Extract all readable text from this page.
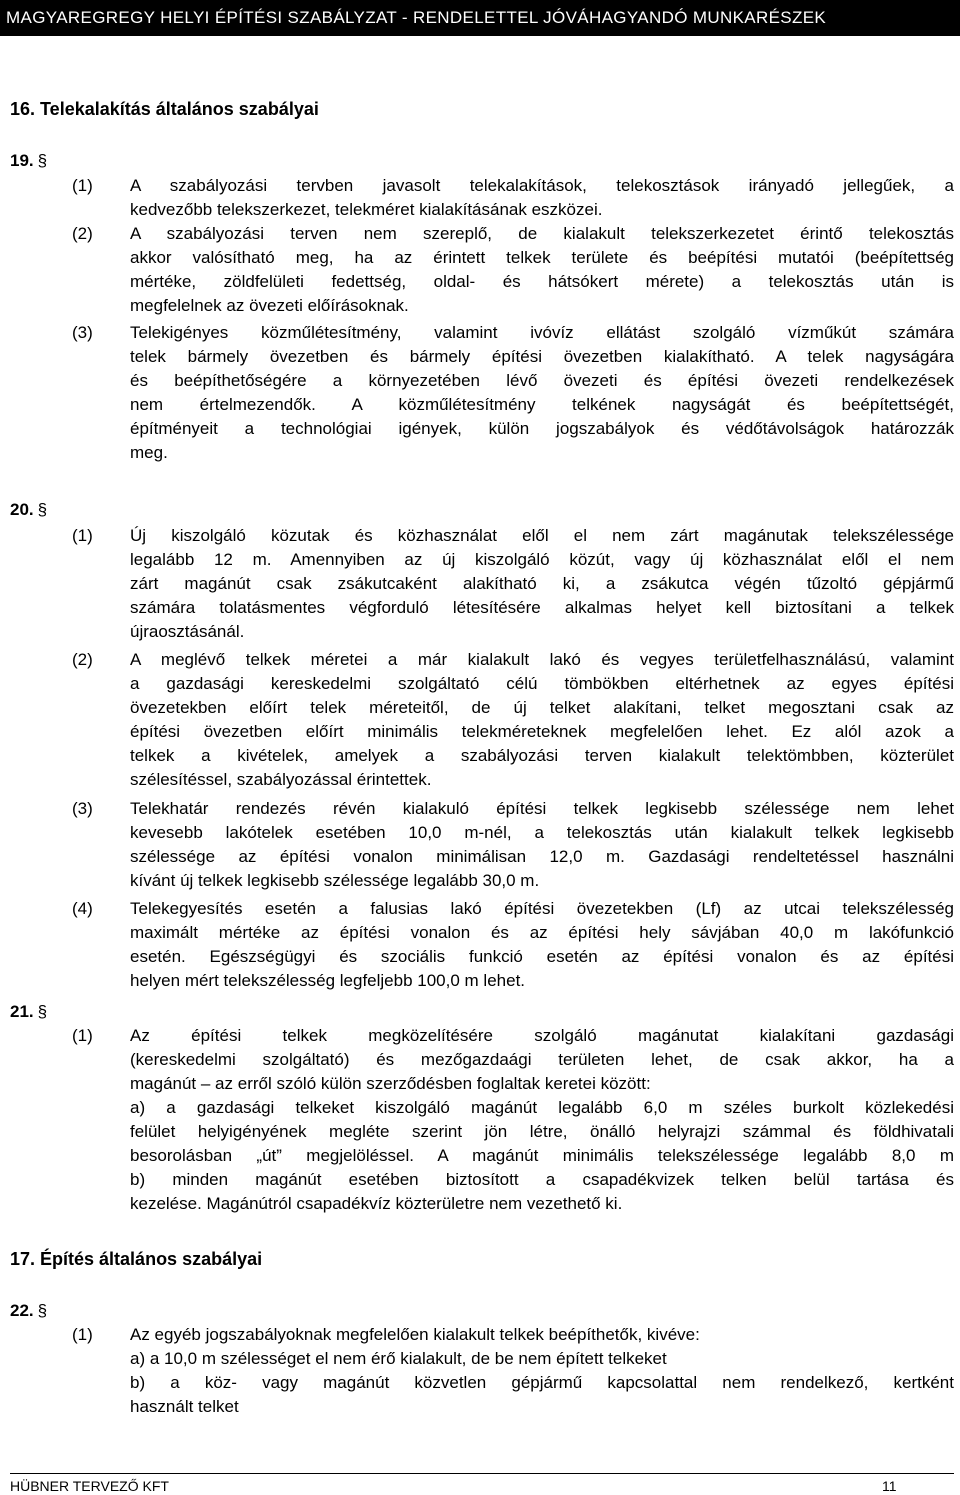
MAGYAREGREGY HELYI ÉPÍTÉSI SZABÁLYZAT - RENDELETTEL JÓVÁHAGYANDÓ MUNKARÉSZEK
16. Telekalakítás általános szabályai
19. §
(1) A szabályozási tervben javasolt telekalakítások, telekosztások irányadó jellegűek, a
kedvezőbb telekszerkezet, telekméret kialakításának eszközei.
(2) A szabályozási terven nem szereplő, de kialakult telekszerkezetet érintő telekosztás
akkor valósítható meg, ha az érintett telkek területe és beépítési mutatói (beépítettség
mértéke, zöldfelületi fedettség, oldal- és hátsókert mérete) a telekosztás után is
megfelelnek az övezeti előírásoknak.
(3) Telekigényes közműlétesítmény, valamint ivóvíz ellátást szolgáló vízműkút számára
telek bármely övezetben és bármely építési övezetben kialakítható. A telek nagyságára
és beépíthetőségére a környezetében lévő övezeti és építési övezeti rendelkezések
nem értelmezendők. A közműlétesítmény telkének nagyságát és beépítettségét,
építményeit a technológiai igények, külön jogszabályok és védőtávolságok határozzák
meg.
20. §
(1) Új kiszolgáló közutak és közhasználat elől el nem zárt magánutak telekszélessége
legalább 12 m. Amennyiben az új kiszolgáló közút, vagy új közhasználat elől el nem
zárt magánút csak zsákutcaként alakítható ki, a zsákutca végén tűzoltó gépjármű
számára tolatásmentes végforduló létesítésére alkalmas helyet kell biztosítani a telkek
újraosztásánál.
(2) A meglévő telkek méretei a már kialakult lakó és vegyes területfelhasználású, valamint
a gazdasági kereskedelmi szolgáltató célú tömbökben eltérhetnek az egyes építési
övezetekben előírt telek méreteitől, de új telket alakítani, telket megosztani csak az
építési övezetben előírt minimális telekméreteknek megfelelően lehet. Ez alól azok a
telkek a kivételek, amelyek a szabályozási terven kialakult telektömbben, közterület
szélesítéssel, szabályozással érintettek.
(3) Telekhatár rendezés révén kialakuló építési telkek legkisebb szélessége nem lehet
kevesebb lakótelek esetében 10,0 m-nél, a telekosztás után kialakult telkek legkisebb
szélessége az építési vonalon minimálisan 12,0 m. Gazdasági rendeltetéssel használni
kívánt új telkek legkisebb szélessége legalább 30,0 m.
(4) Telekegyesítés esetén a falusias lakó építési övezetekben (Lf) az utcai telekszélesség
maximált mértéke az építési vonalon és az építési hely sávjában 40,0 m lakófunkció
esetén. Egészségügyi és szociális funkció esetén az építési vonalon és az építési
helyen mért telekszélesség legfeljebb 100,0 m lehet.
21. §
(1) Az építési telkek megközelítésére szolgáló magánutat kialakítani gazdasági
(kereskedelmi szolgáltató) és mezőgazdaági területen lehet, de csak akkor, ha a
magánút – az erről szóló külön szerződésben foglaltak keretei között:
a) a gazdasági telkeket kiszolgáló magánút legalább 6,0 m széles burkolt közlekedési
felület helyigényének megléte szerint jön létre, önálló helyrajzi számmal és földhivatali
besorolásban „út” megjelöléssel. A magánút minimális telekszélessége legalább 8,0 m
b) minden magánút esetében biztosított a csapadékvizek telken belül tartása és
kezelése. Magánútról csapadékvíz közterületre nem vezethető ki.
17. Építés általános szabályai
22. §
(1) Az egyéb jogszabályoknak megfelelően kialakult telkek beépíthetők, kivéve:
a) a 10,0 m szélességet el nem érő kialakult, de be nem épített telkeket
b) a köz- vagy magánút közvetlen gépjármű kapcsolattal nem rendelkező, kertként
használt telket
HÜBNER TERVEZŐ KFT	11
